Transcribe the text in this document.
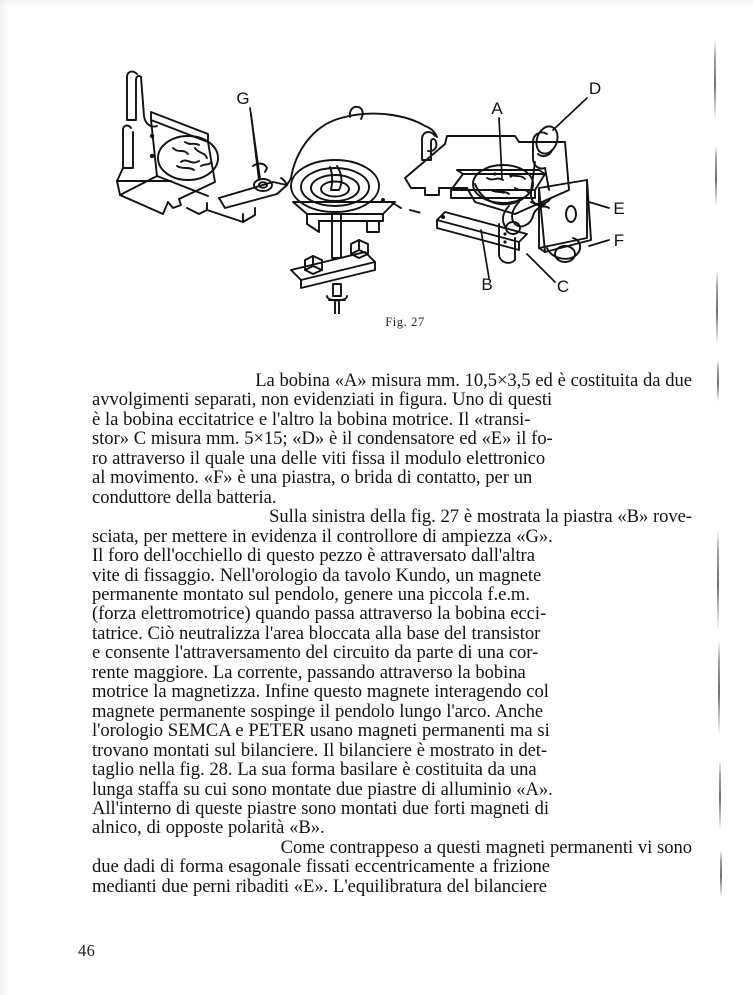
G
A
D
E
F
B	C
Fig. 27

La bobina «A» misura mm. 10,5×3,5 ed è costituita da due
avvolgimenti separati, non evidenziati in figura. Uno di questi
è la bobina eccitatrice e l'altro la bobina motrice. Il «transi-
stor» C misura mm. 5×15; «D» è il condensatore ed «E» il fo-
ro attraverso il quale una delle viti fissa il modulo elettronico
al movimento. «F» è una piastra, o brida di contatto, per un
conduttore della batteria.

Sulla sinistra della fig. 27 è mostrata la piastra «B» rove-
sciata, per mettere in evidenza il controllore di ampiezza «G».
Il foro dell'occhiello di questo pezzo è attraversato dall'altra
vite di fissaggio. Nell'orologio da tavolo Kundo, un magnete
permanente montato sul pendolo, genere una piccola f.e.m.
(forza elettromotrice) quando passa attraverso la bobina ecci-
tatrice. Ciò neutralizza l'area bloccata alla base del transistor
e consente l'attraversamento del circuito da parte di una cor-
rente maggiore. La corrente, passando attraverso la bobina
motrice la magnetizza. Infine questo magnete interagendo col
magnete permanente sospinge il pendolo lungo l'arco. Anche
l'orologio SEMCA e PETER usano magneti permanenti ma si
trovano montati sul bilanciere. Il bilanciere è mostrato in det-
taglio nella fig. 28. La sua forma basilare è costituita da una
lunga staffa su cui sono montate due piastre di alluminio «A».
All'interno di queste piastre sono montati due forti magneti di
alnico, di opposte polarità «B».

Come contrappeso a questi magneti permanenti vi sono
due dadi di forma esagonale fissati eccentricamente a frizione
medianti due perni ribaditi «E». L'equilibratura del bilanciere

46
